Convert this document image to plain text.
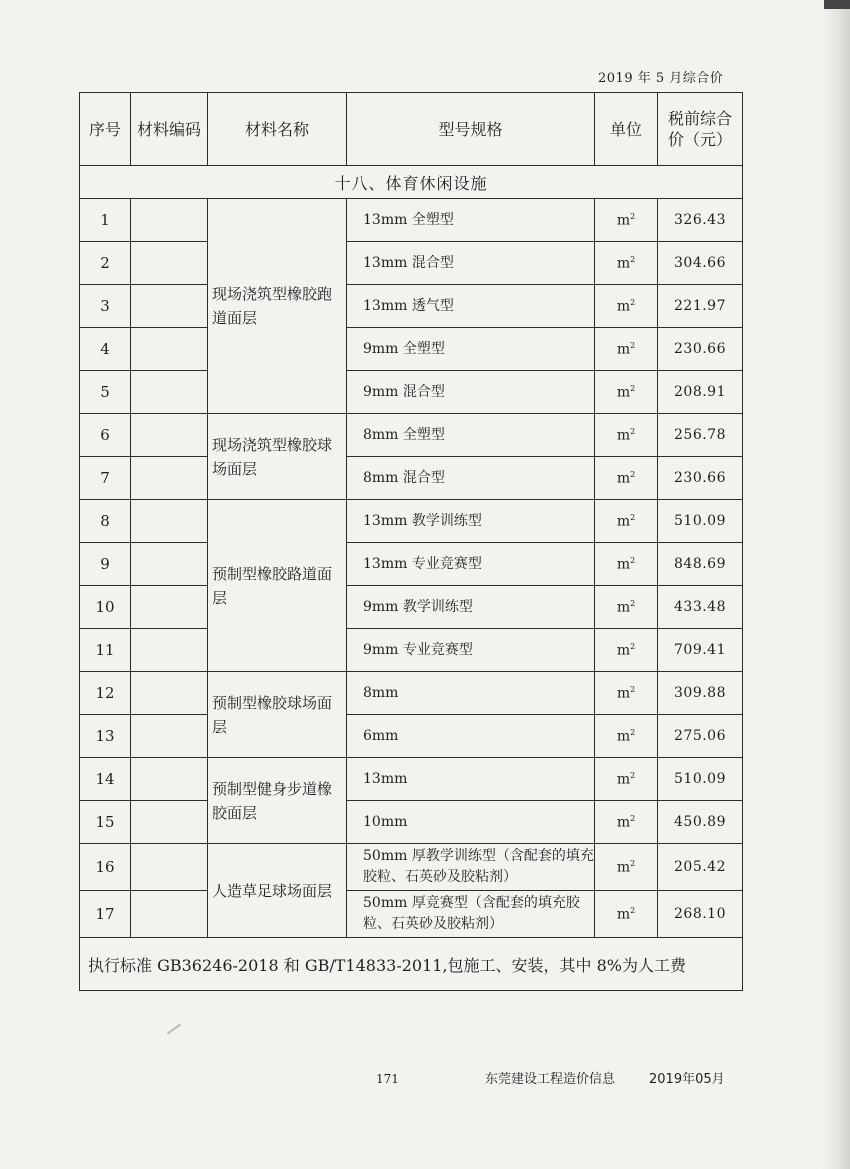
2019 年 5 月综合价
序号	材料编码	材料名称	型号规格	单位	税前综合价（元）
十八、体育休闲设施					
1		现场浇筑型橡胶跑道面层	13mm 全塑型	$m^2$	326.43
2			13mm 混合型	$m^2$	304.66
3			13mm 透气型	$m^2$	221.97
4			9mm 全塑型	$m^2$	230.66
5			9mm 混合型	$m^2$	208.91
6		现场浇筑型橡胶球场面层	8mm 全塑型	$m^2$	256.78
7			8mm 混合型	$m^2$	230.66
8		预制型橡胶路道面层	13mm 教学训练型	$m^2$	510.09
9			13mm 专业竞赛型	$m^2$	848.69
10			9mm 教学训练型	$m^2$	433.48
11			9mm 专业竞赛型	$m^2$	709.41
12		预制型橡胶球场面层	8mm	$m^2$	309.88
13			6mm	$m^2$	275.06
14		预制型健身步道橡胶面层	13mm	$m^2$	510.09
15			10mm	$m^2$	450.89
16		人造草足球场面层	50mm 厚教学训练型（含配套的填充胶粒、石英砂及胶粘剂）	$m^2$	205.42
17			50mm 厚竞赛型（含配套的填充胶粒、石英砂及胶粘剂）	$m^2$	268.10
执行标准 GB36246-2018 和 GB/T14833-2011,包施工、安装，其中 8%为人工费					
171	东莞建设工程造价信息	2019年05月
